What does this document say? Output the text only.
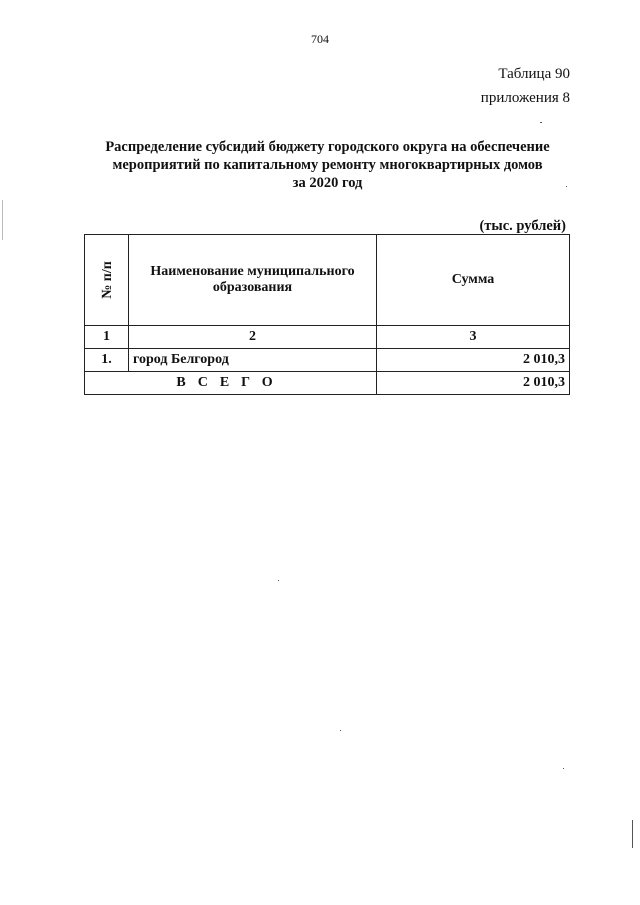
704
Таблица 90
приложения 8
Распределение субсидий бюджету городского округа на обеспечение
мероприятий по капитальному ремонту многоквартирных домов
за 2020 год
(тыс. рублей)
№ п/п	Наименование муниципального образования	Сумма
1	2	3
1.	город Белгород	2 010,3
ВСЕГО		2 010,3
